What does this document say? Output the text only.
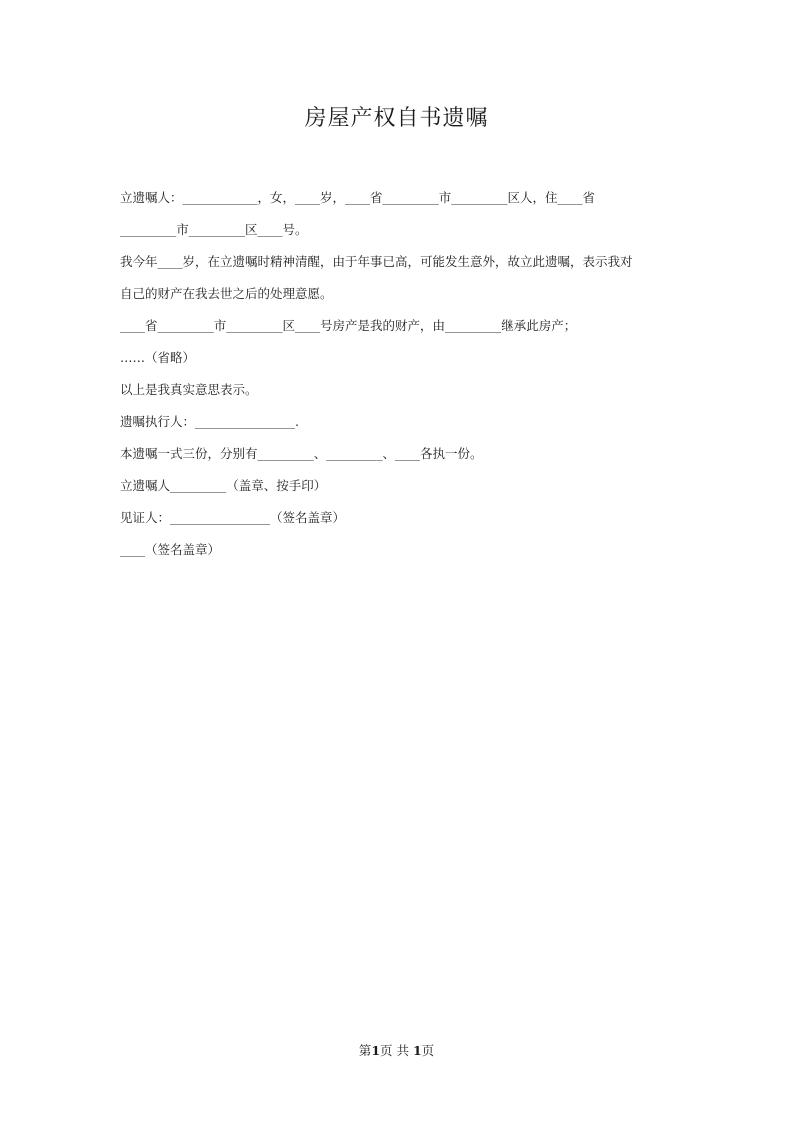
房屋产权自书遗嘱

立遗嘱人：____________，女，____岁，____省_________市_________区人，住____省

_________市_________区____号。

我今年____岁，在立遗嘱时精神清醒，由于年事已高，可能发生意外，故立此遗嘱，表示我对

自己的财产在我去世之后的处理意愿。

____省_________市_________区____号房产是我的财产，由_________继承此房产；

……（省略）

以上是我真实意思表示。

遗嘱执行人：________________.

本遗嘱一式三份，分别有_________、_________、____各执一份。

立遗嘱人_________（盖章、按手印）

见证人：________________（签名盖章）

____（签名盖章）

第1页 共 1页
